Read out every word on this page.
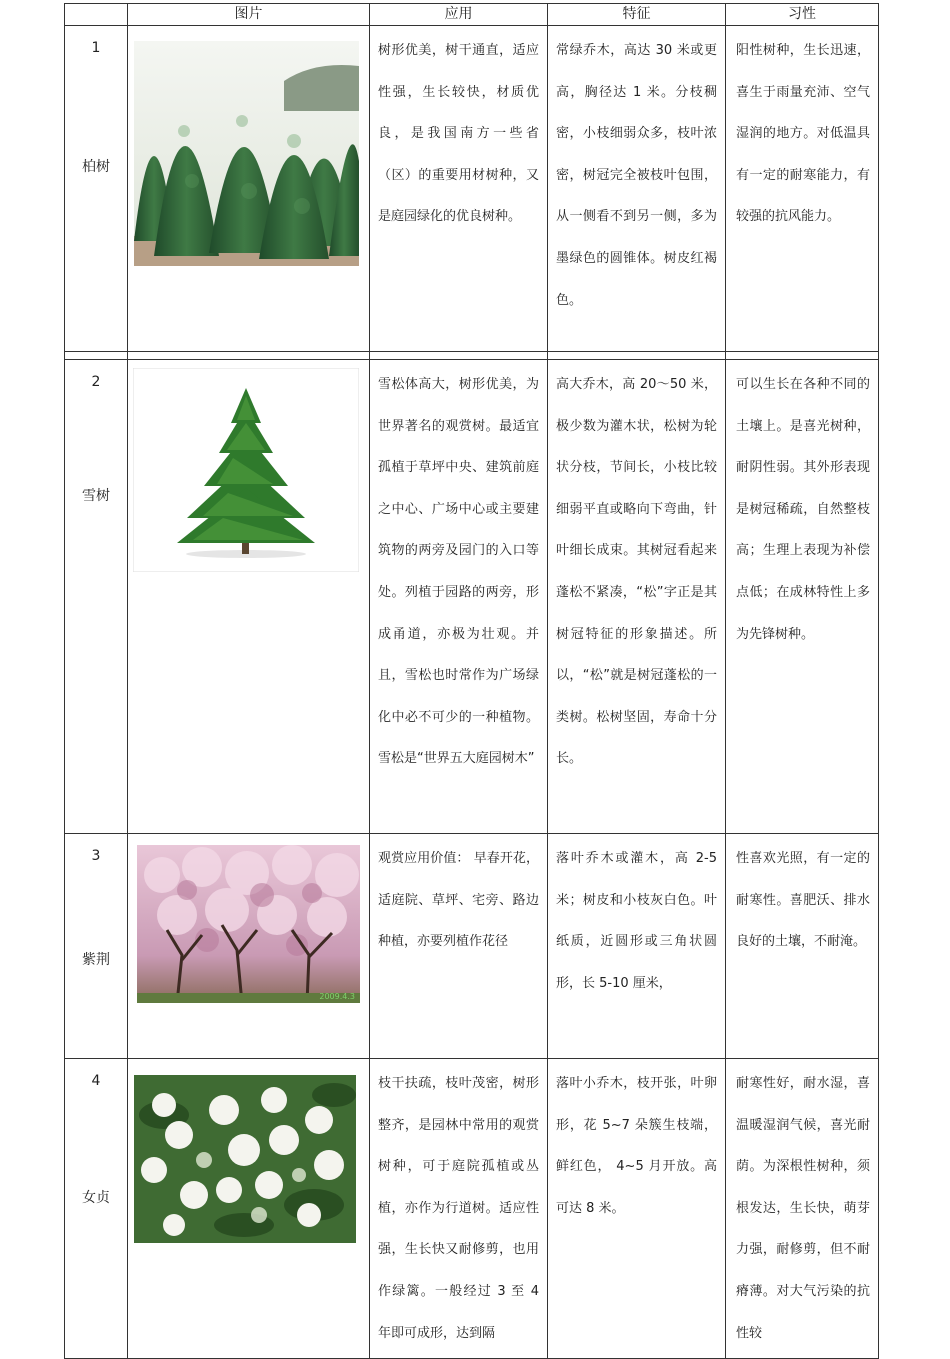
	图片	应用	特征	习性

1
柏树		树形优美，树干通直，适应性强，生长较快，材质优良，是我国南方一些省（区）的重要用材树种，又是庭园绿化的优良树种。	常绿乔木，高达 30 米或更高，胸径达 1 米。分枝稠密，小枝细弱众多，枝叶浓密，树冠完全被枝叶包围，从一侧看不到另一侧，多为墨绿色的圆锥体。树皮红褐色。	阳性树种，生长迅速，喜生于雨量充沛、空气湿润的地方。对低温具有一定的耐寒能力，有较强的抗风能力。

2
雪树		雪松体高大，树形优美，为世界著名的观赏树。最适宜孤植于草坪中央、建筑前庭之中心、广场中心或主要建筑物的两旁及园门的入口等处。列植于园路的两旁，形成甬道，亦极为壮观。并且，雪松也时常作为广场绿化中必不可少的一种植物。雪松是“世界五大庭园树木”	高大乔木，高 20～50 米，极少数为灌木状，松树为轮状分枝，节间长，小枝比较细弱平直或略向下弯曲，针叶细长成束。其树冠看起来蓬松不紧凑，“松”字正是其树冠特征的形象描述。所以，“松”就是树冠蓬松的一类树。松树坚固，寿命十分长。	可以生长在各种不同的土壤上。是喜光树种，耐阴性弱。其外形表现是树冠稀疏，自然整枝高；生理上表现为补偿点低；在成林特性上多为先锋树种。

3
紫荆	2009.4.3	观赏应用价值： 早春开花，适庭院、草坪、宅旁、路边种植，亦要列植作花径	落叶乔木或灌木，高 2-5 米；树皮和小枝灰白色。叶纸质，近圆形或三角状圆形，长 5-10 厘米，	性喜欢光照，有一定的耐寒性。喜肥沃、排水良好的土壤，不耐淹。

4
女贞		枝干扶疏，枝叶茂密，树形整齐，是园林中常用的观赏树种，可于庭院孤植或丛植，亦作为行道树。适应性强，生长快又耐修剪，也用作绿篱。一般经过 3 至 4 年即可成形，达到隔	落叶小乔木，枝开张，叶卵形，花 5~7 朵簇生枝端，鲜红色， 4~5 月开放。高可达 8 米。	耐寒性好，耐水湿，喜温暖湿润气候，喜光耐荫。为深根性树种，须根发达，生长快，萌芽力强，耐修剪，但不耐瘠薄。对大气污染的抗性较
